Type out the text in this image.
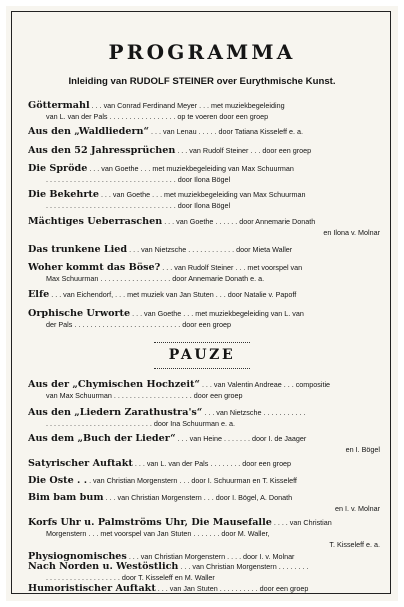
PROGRAMMA
Inleiding van RUDOLF STEINER over Eurythmische Kunst.
Göttermahl . . . van Conrad Ferdinand Meyer . . . met muziekbegeleiding
van L. van der Pals . . . . . . . . . . . . . . . . . op te voeren door een groep
Aus den „Waldliedern“ . . . van Lenau . . . . . door Tatiana Kisseleff e. a.
Aus den 52 Jahressprüchen . . . van Rudolf Steiner . . . door een groep
Die Spröde . . . van Goethe . . . met muziekbegeleiding van Max Schuurman
. . . . . . . . . . . . . . . . . . . . . . . . . . . . . . . . . door Ilona Bögel
Die Bekehrte . . . van Goethe . . . met muziekbegeleiding van Max Schuurman
. . . . . . . . . . . . . . . . . . . . . . . . . . . . . . . . . door Ilona Bögel
Mächtiges Ueberraschen . . . van Goethe . . . . . . door Annemarie Donath
en Ilona v. Molnar
Das trunkene Lied . . . van Nietzsche . . . . . . . . . . . . door Mieta Waller
Woher kommt das Böse? . . . van Rudolf Steiner . . . met voorspel van
Max Schuurman . . . . . . . . . . . . . . . . . . door Annemarie Donath e. a.
Elfe . . . van Eichendorf, . . . met muziek van Jan Stuten . . . door Natalie v. Papoff
Orphische Urworte . . . van Goethe . . . met muziekbegeleiding van L. van
der Pals . . . . . . . . . . . . . . . . . . . . . . . . . . . door een groep
Aus der „Chymischen Hochzeit“ . . . van Valentin Andreae . . . compositie
van Max Schuurman . . . . . . . . . . . . . . . . . . . . door een groep
Aus den „Liedern Zarathustra's“ . . . van Nietzsche . . . . . . . . . . .
. . . . . . . . . . . . . . . . . . . . . . . . . . . door Ina Schuurman e. a.
Aus dem „Buch der Lieder“ . . . van Heine . . . . . . . door I. de Jaager
en I. Bögel
Satyrischer Auftakt . . . van L. van der Pals . . . . . . . . door een groep
Die Oste . . . van Christian Morgenstern . . . door I. Schuurman en T. Kisseleff
Bim bam bum . . . van Christian Morgenstern . . . door I. Bögel, A. Donath
en I. v. Molnar
Korfs Uhr u. Palmströms Uhr, Die Mausefalle . . . . van Christian
Morgenstern . . . met voorspel van Jan Stuten . . . . . . . door M. Waller,
T. Kisseleff e. a.
Physiognomisches . . . van Christian Morgenstern . . . . door I. v. Molnar
Nach Norden u. Westöstlich . . . van Christian Morgenstern . . . . . . . .
. . . . . . . . . . . . . . . . . . . door T. Kisseleff en M. Waller
Humoristischer Auftakt . . . van Jan Stuten . . . . . . . . . . door een groep
PAUZE
